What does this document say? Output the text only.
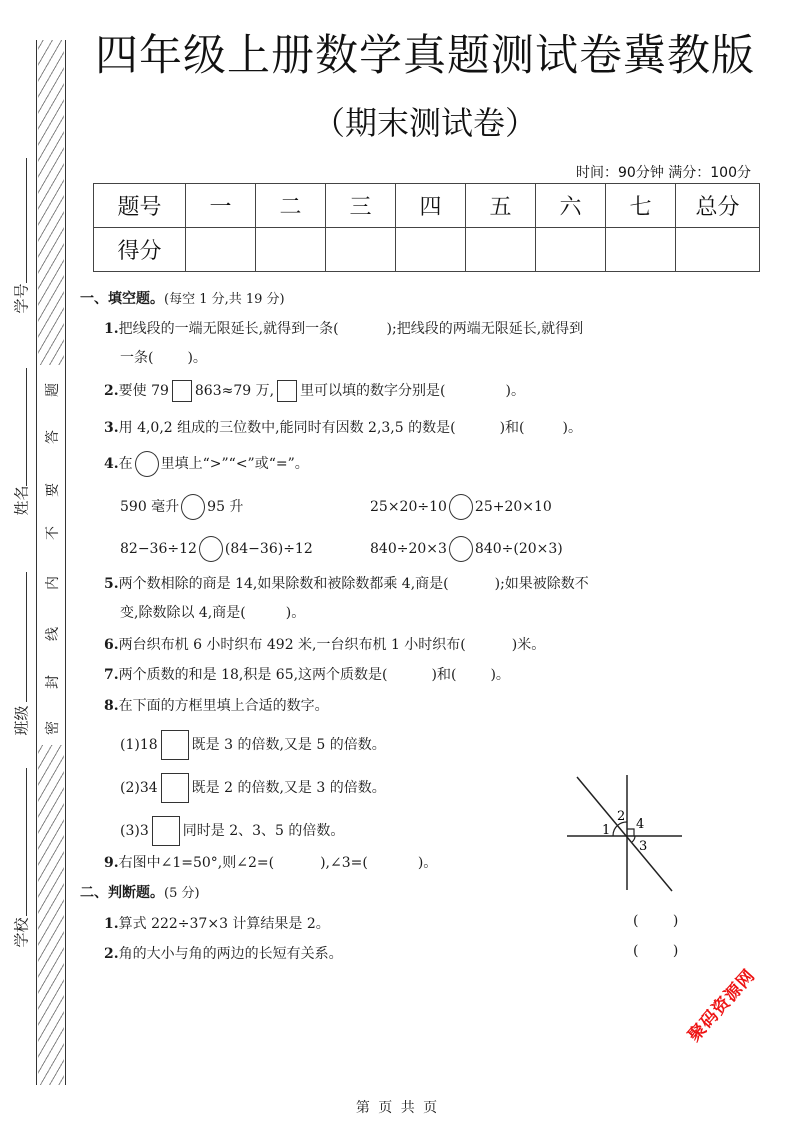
题
答
要
不
内
线
封
密
学号
姓名
班级
学校
四年级上册数学真题测试卷冀教版
（期末测试卷）
时间：90分钟 满分：100分
题号	一	二	三	四	五	六	七	总分
得分								
一、填空题。(每空 1 分,共 19 分)
1.把线段的一端无限延长,就得到一条(	);把线段的两端无限延长,就得到
一条( )。
2.要使 79 863≈79 万, 里可以填的数字分别是(	)。
3.用 4,0,2 组成的三位数中,能同时有因数 2,3,5 的数是(	)和(	)。
4.在 里填上“>”“<”或“=”。
590 毫升 95 升	25×20÷10 25+20×10
82−36÷12 (84−36)÷12	840÷20×3 840÷(20×3)
5.两个数相除的商是 14,如果除数和被除数都乘 4,商是(	);如果被除数不
变,除数除以 4,商是(	)。
6.两台织布机 6 小时织布 492 米,一台织布机 1 小时织布(	)米。
7.两个质数的和是 18,积是 65,这两个质数是(	)和( )。
8.在下面的方框里填上合适的数字。
(1)18 既是 3 的倍数,又是 5 的倍数。
(2)34 既是 2 的倍数,又是 3 的倍数。
(3)3 同时是 2、3、5 的倍数。
9.右图中∠1=50°,则∠2=(	),∠3=(	)。
1
2
3
4
二、判断题。(5 分)
1.算式 222÷37×3 计算结果是 2。	( )
2.角的大小与角的两边的长短有关系。	( )
第 页 共 页
聚码资源网
